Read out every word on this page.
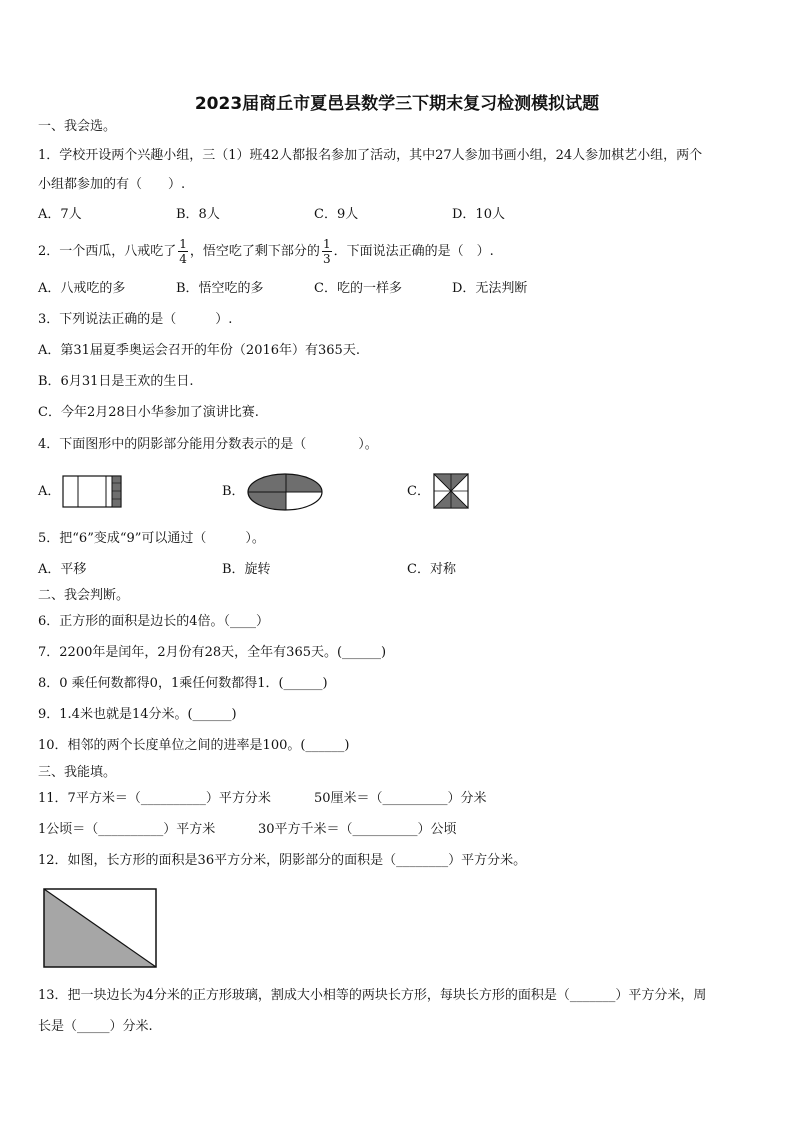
2023届商丘市夏邑县数学三下期末复习检测模拟试题
一、我会选。
1．学校开设两个兴趣小组，三（1）班42人都报名参加了活动，其中27人参加书画小组，24人参加棋艺小组，两个
小组都参加的有（　　）.
A．7人	B．8人	C．9人	D．10人
2．一个西瓜，八戒吃了 $\frac{1}{4}$ ，悟空吃了剩下部分的 $\frac{1}{3}$ ．下面说法正确的是（　）.
A．八戒吃的多	B．悟空吃的多	C．吃的一样多	D．无法判断
3．下列说法正确的是（　　　）.
A．第31届夏季奥运会召开的年份（2016年）有365天.
B．6月31日是王欢的生日.
C．今年2月28日小华参加了演讲比赛.
4．下面图形中的阴影部分能用分数表示的是（　　　　）。
A．	B．	C．
5．把“6”变成“9”可以通过（　　　）。
A．平移	B．旋转	C．对称
二、我会判断。
6．正方形的面积是边长的4倍。（____）
7．2200年是闰年，2月份有28天，全年有365天。(______)
8．0 乘任何数都得0，1乘任何数都得1．(______)
9．1.4米也就是14分米。(______)
10．相邻的两个长度单位之间的进率是100。(______)
三、我能填。
11．7平方米＝（__________）平方分米	50厘米＝（__________）分米
1公顷＝（__________）平方米	30平方千米＝（__________）公顷
12．如图，长方形的面积是36平方分米，阴影部分的面积是（________）平方分米。
13．把一块边长为4分米的正方形玻璃，割成大小相等的两块长方形，每块长方形的面积是（_______）平方分米，周
长是（_____）分米.
